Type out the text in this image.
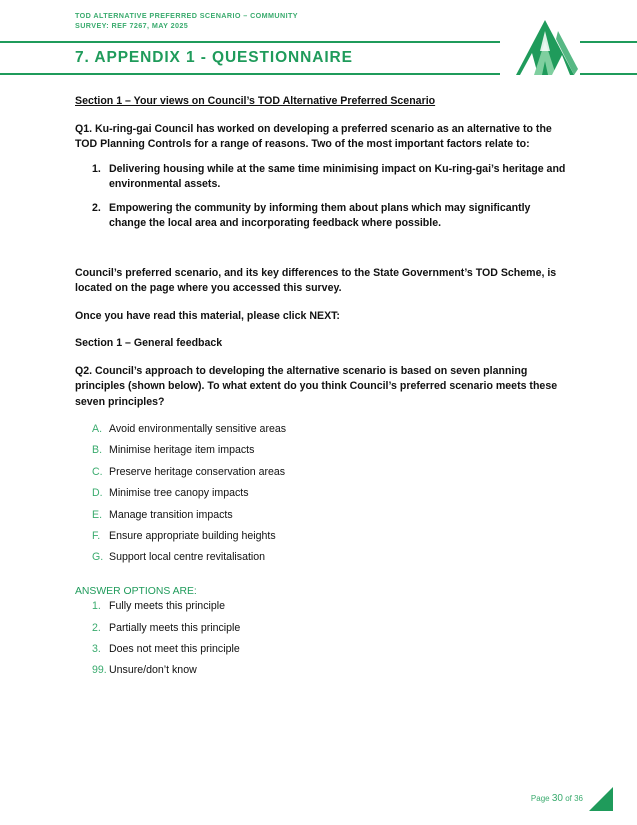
TOD ALTERNATIVE PREFERRED SCENARIO – COMMUNITY
SURVEY: REF 7267, MAY 2025
7. APPENDIX 1 - QUESTIONNAIRE

Section 1 – Your views on Council’s TOD Alternative Preferred Scenario

Q1. Ku-ring-gai Council has worked on developing a preferred scenario as an alternative to the TOD Planning Controls for a range of reasons. Two of the most important factors relate to:

1. Delivering housing while at the same time minimising impact on Ku-ring-gai’s heritage and environmental assets.
2. Empowering the community by informing them about plans which may significantly change the local area and incorporating feedback where possible.

Council’s preferred scenario, and its key differences to the State Government’s TOD Scheme, is located on the page where you accessed this survey.

Once you have read this material, please click NEXT:

Section 1 – General feedback

Q2. Council’s approach to developing the alternative scenario is based on seven planning principles (shown below). To what extent do you think Council’s preferred scenario meets these seven principles?

A. Avoid environmentally sensitive areas
B. Minimise heritage item impacts
C. Preserve heritage conservation areas
D. Minimise tree canopy impacts
E. Manage transition impacts
F. Ensure appropriate building heights
G. Support local centre revitalisation

ANSWER OPTIONS ARE:

1. Fully meets this principle
2. Partially meets this principle
3. Does not meet this principle
99. Unsure/don’t know
Page 30 of 36
